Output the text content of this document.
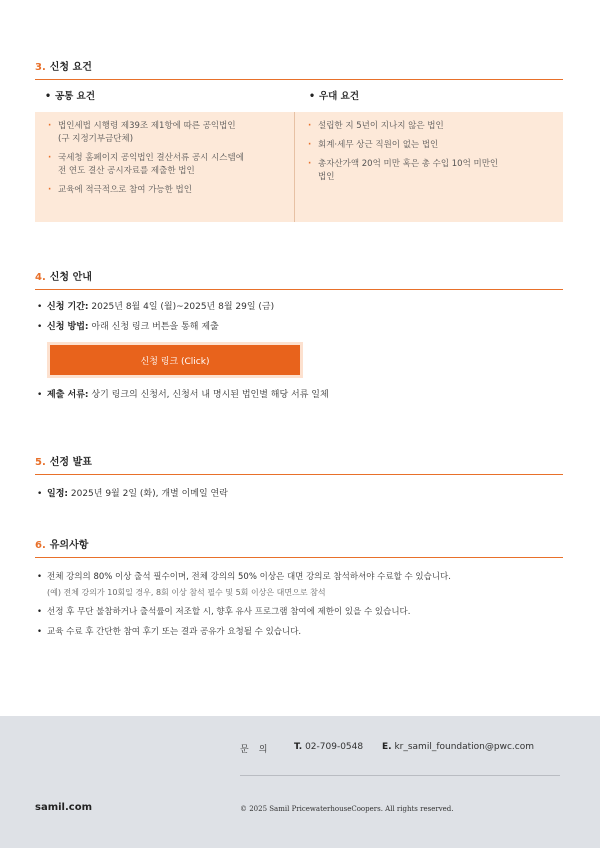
3. 신청 요건
• 공통 요건
•	우대 요건
· 법인세법 시행령 제39조 제1항에 따른 공익법인
(구 지정기부금단체)
· 국세청 홈페이지 공익법인 결산서류 공시 시스템에
전 연도 결산 공시자료를 제출한 법인
· 교육에 적극적으로 참여 가능한 법인
· 설립한 지 5년이 지나지 않은 법인
· 회계·세무 상근 직원이 없는 법인
· 총자산가액 20억 미만 혹은 총 수입 10억 미만인
법인
4. 신청 안내
• 신청 기간: 2025년 8월 4일 (월)~2025년 8월 29일 (금)
• 신청 방법: 아래 신청 링크 버튼을 통해 제출
신청 링크 (Click)
• 제출 서류: 상기 링크의 신청서, 신청서 내 명시된 법인별 해당 서류 일체
5. 선정 발표
• 일정: 2025년 9월 2일 (화), 개별 이메일 연락
6. 유의사항
• 전체 강의의 80% 이상 출석 필수이며, 전체 강의의 50% 이상은 대면 강의로 참석하셔야 수료할 수 있습니다.
(예) 전체 강의가 10회일 경우, 8회 이상 참석 필수 및 5회 이상은 대면으로 참석
• 선정 후 무단 불참하거나 출석률이 저조할 시, 향후 유사 프로그램 참여에 제한이 있을 수 있습니다.
• 교육 수료 후 간단한 참여 후기 또는 결과 공유가 요청될 수 있습니다.
문의 T. 02-709-0548 E. kr_samil_foundation@pwc.com
samil.com	© 2025 Samil PricewaterhouseCoopers. All rights reserved.
